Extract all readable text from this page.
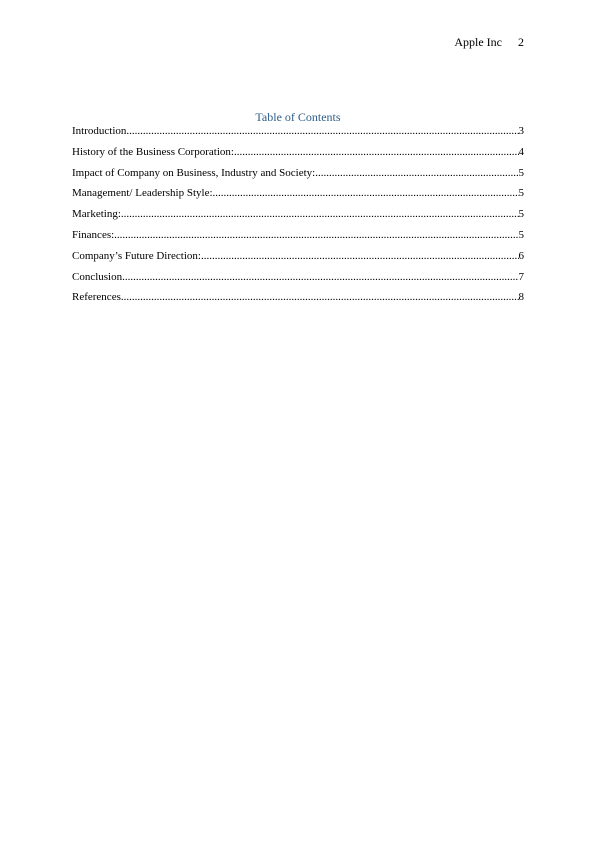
Apple Inc 2
Table of Contents
Introduction .....	3
History of the Business Corporation: .....	4
Impact of Company on Business, Industry and Society: .....	5
Management/ Leadership Style: .....	5
Marketing: .....	5
Finances: .....	5
Company’s Future Direction: .....	6
Conclusion .....	7
References .....	8
